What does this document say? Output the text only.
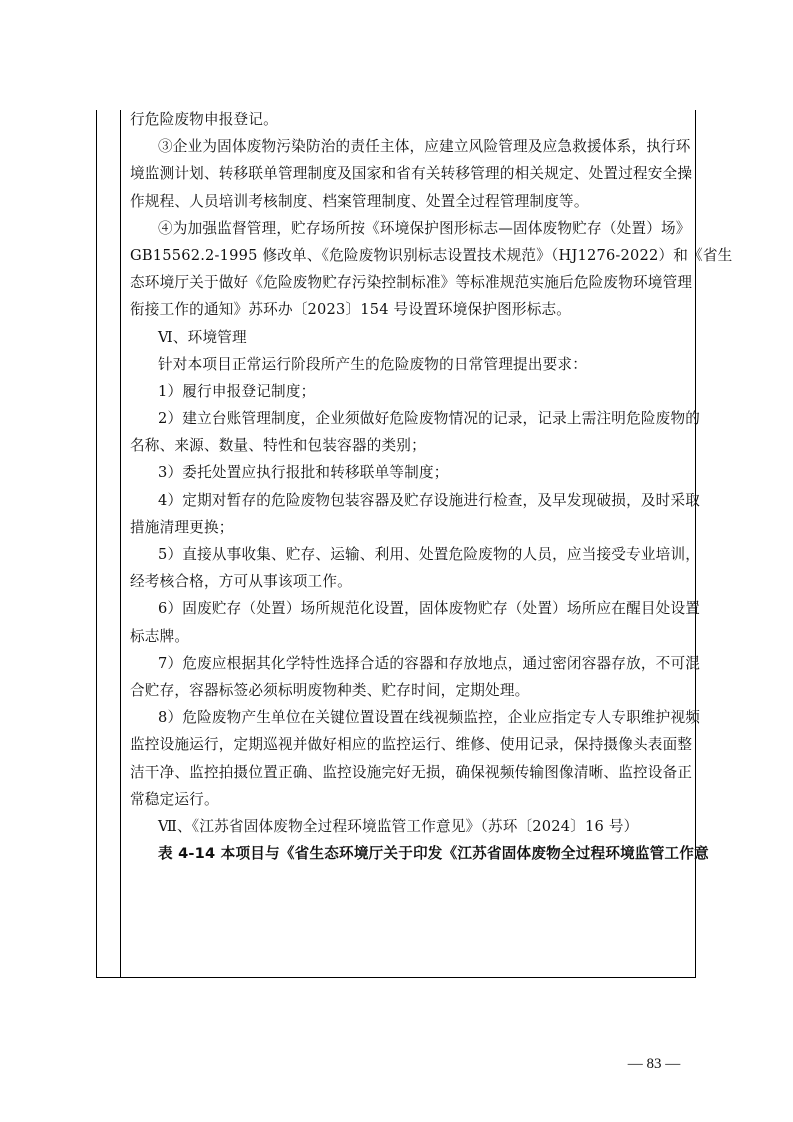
行危险废物申报登记。
③企业为固体废物污染防治的责任主体，应建立风险管理及应急救援体系，执行环
境监测计划、转移联单管理制度及国家和省有关转移管理的相关规定、处置过程安全操
作规程、人员培训考核制度、档案管理制度、处置全过程管理制度等。
④为加强监督管理，贮存场所按《环境保护图形标志—固体废物贮存（处置）场》
GB15562.2-1995 修改单、《危险废物识别标志设置技术规范》（HJ1276-2022）和《省生
态环境厅关于做好《危险废物贮存污染控制标准》等标准规范实施后危险废物环境管理
衔接工作的通知》苏环办〔2023〕154 号设置环境保护图形标志。
Ⅵ、环境管理
针对本项目正常运行阶段所产生的危险废物的日常管理提出要求：
1）履行申报登记制度；
2）建立台账管理制度，企业须做好危险废物情况的记录，记录上需注明危险废物的
名称、来源、数量、特性和包装容器的类别；
3）委托处置应执行报批和转移联单等制度；
4）定期对暂存的危险废物包装容器及贮存设施进行检查，及早发现破损，及时采取
措施清理更换；
5）直接从事收集、贮存、运输、利用、处置危险废物的人员，应当接受专业培训，
经考核合格，方可从事该项工作。
6）固废贮存（处置）场所规范化设置，固体废物贮存（处置）场所应在醒目处设置
标志牌。
7）危废应根据其化学特性选择合适的容器和存放地点，通过密闭容器存放，不可混
合贮存，容器标签必须标明废物种类、贮存时间，定期处理。
8）危险废物产生单位在关键位置设置在线视频监控，企业应指定专人专职维护视频
监控设施运行，定期巡视并做好相应的监控运行、维修、使用记录，保持摄像头表面整
洁干净、监控拍摄位置正确、监控设施完好无损，确保视频传输图像清晰、监控设备正
常稳定运行。
Ⅶ、《江苏省固体废物全过程环境监管工作意见》（苏环〔2024〕16 号）
表 4-14 本项目与《省生态环境厅关于印发《江苏省固体废物全过程环境监管工作意
— 83 —
